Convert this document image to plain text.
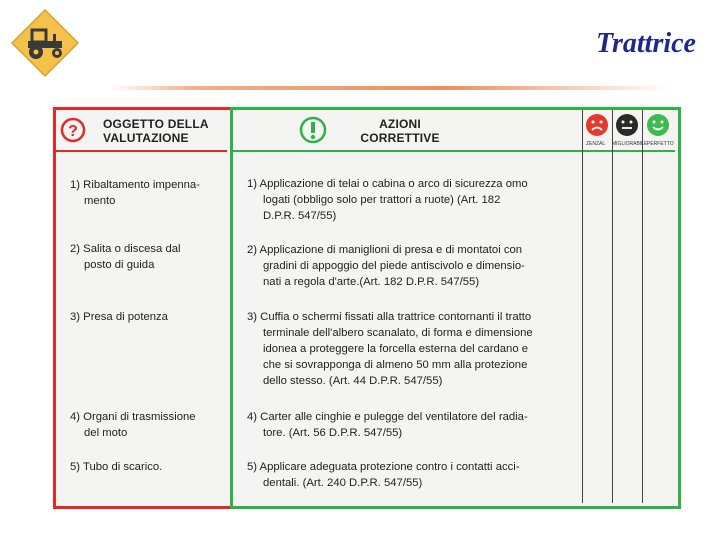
Trattrice
? OGGETTO DELLA
VALUTAZIONE
AZIONI
CORRETTIVE	ZENZAL MIGLIORABILE PERFETTO
1) Ribaltamento impenna-
mento
2) Salita o discesa dal
posto di guida
3) Presa di potenza
4) Organi di trasmissione
del moto
5) Tubo di scarico.
1) Applicazione di telai o cabina o arco di sicurezza omo
logati (obbligo solo per trattori a ruote) (Art. 182
D.P.R. 547/55)
2) Applicazione di maniglioni di presa e di montatoi con
gradini di appoggio del piede antiscivolo e dimensio-
nati a regola d'arte.(Art. 182 D.P.R. 547/55)
3) Cuffia o schermi fissati alla trattrice contornanti il tratto
terminale dell'albero scanalato, di forma e dimensione
idonea a proteggere la forcella esterna del cardano e
che si sovrapponga di almeno 50 mm alla protezione
dello stesso. (Art. 44 D.P.R. 547/55)
4) Carter alle cinghie e pulegge del ventilatore del radia-
tore. (Art. 56 D.P.R. 547/55)
5) Applicare adeguata protezione contro i contatti acci-
dentali. (Art. 240 D.P.R. 547/55)
